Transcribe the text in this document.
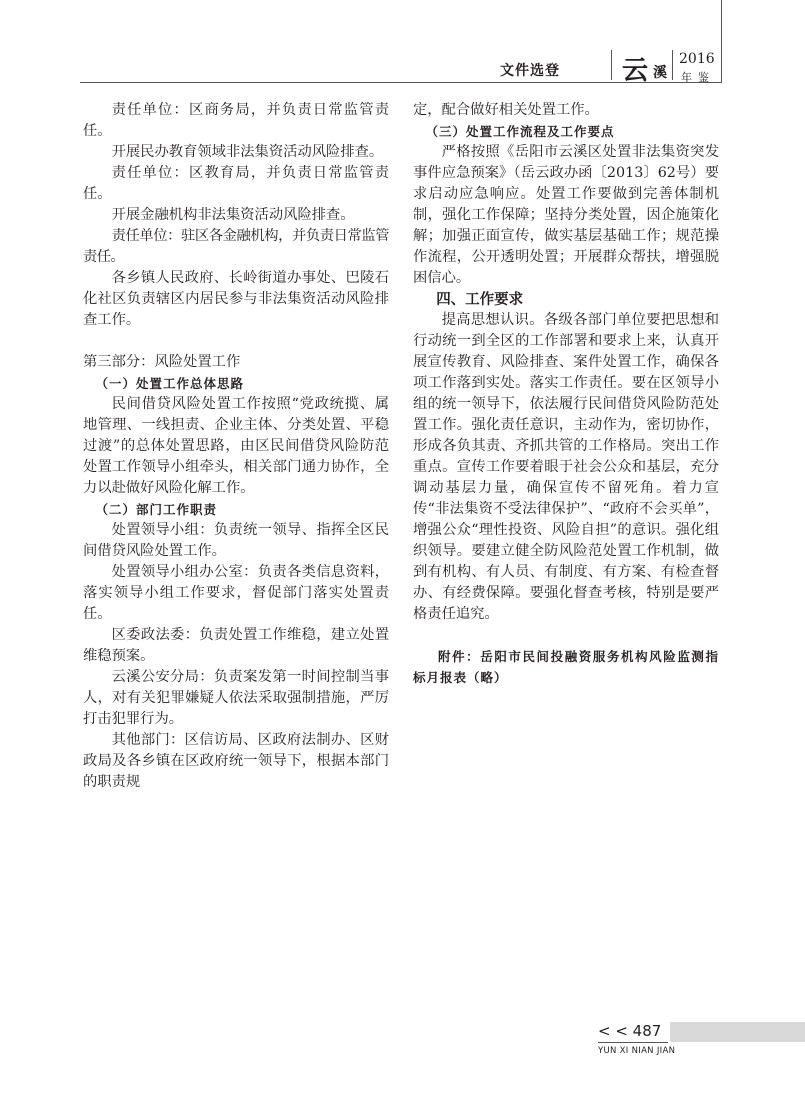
文件选登 云 溪
2016
年鉴

责任单位：区商务局，并负责日常监管责任。

开展民办教育领域非法集资活动风险排查。

责任单位：区教育局，并负责日常监管责任。

开展金融机构非法集资活动风险排查。

责任单位：驻区各金融机构，并负责日常监管责任。

各乡镇人民政府、长岭街道办事处、巴陵石化社区负责辖区内居民参与非法集资活动风险排查工作。

第三部分：风险处置工作

（一）处置工作总体思路

民间借贷风险处置工作按照“党政统揽、属地管理、一线担责、企业主体、分类处置、平稳过渡”的总体处置思路，由区民间借贷风险防范处置工作领导小组牵头，相关部门通力协作，全力以赴做好风险化解工作。

（二）部门工作职责

处置领导小组：负责统一领导、指挥全区民间借贷风险处置工作。

处置领导小组办公室：负责各类信息资料，落实领导小组工作要求，督促部门落实处置责任。

区委政法委：负责处置工作维稳，建立处置维稳预案。

云溪公安分局：负责案发第一时间控制当事人，对有关犯罪嫌疑人依法采取强制措施，严厉打击犯罪行为。

其他部门：区信访局、区政府法制办、区财政局及各乡镇在区政府统一领导下，根据本部门的职责规

定，配合做好相关处置工作。

（三）处置工作流程及工作要点

严格按照《岳阳市云溪区处置非法集资突发事件应急预案》（岳云政办函〔2013〕62号）要求启动应急响应。处置工作要做到完善体制机制，强化工作保障；坚持分类处置，因企施策化解；加强正面宣传，做实基层基础工作；规范操作流程，公开透明处置；开展群众帮扶，增强脱困信心。

四、工作要求

提高思想认识。各级各部门单位要把思想和行动统一到全区的工作部署和要求上来，认真开展宣传教育、风险排查、案件处置工作，确保各项工作落到实处。落实工作责任。要在区领导小组的统一领导下，依法履行民间借贷风险防范处置工作。强化责任意识，主动作为，密切协作，形成各负其责、齐抓共管的工作格局。突出工作重点。宣传工作要着眼于社会公众和基层，充分调动基层力量，确保宣传不留死角。着力宣传“非法集资不受法律保护”、“政府不会买单”，增强公众“理性投资、风险自担”的意识。强化组织领导。要建立健全防风险范处置工作机制，做到有机构、有人员、有制度、有方案、有检查督办、有经费保障。要强化督查考核，特别是要严格责任追究。

附件：岳阳市民间投融资服务机构风险监测指标月报表（略）

< < 487
YUN XI NIAN JIAN
